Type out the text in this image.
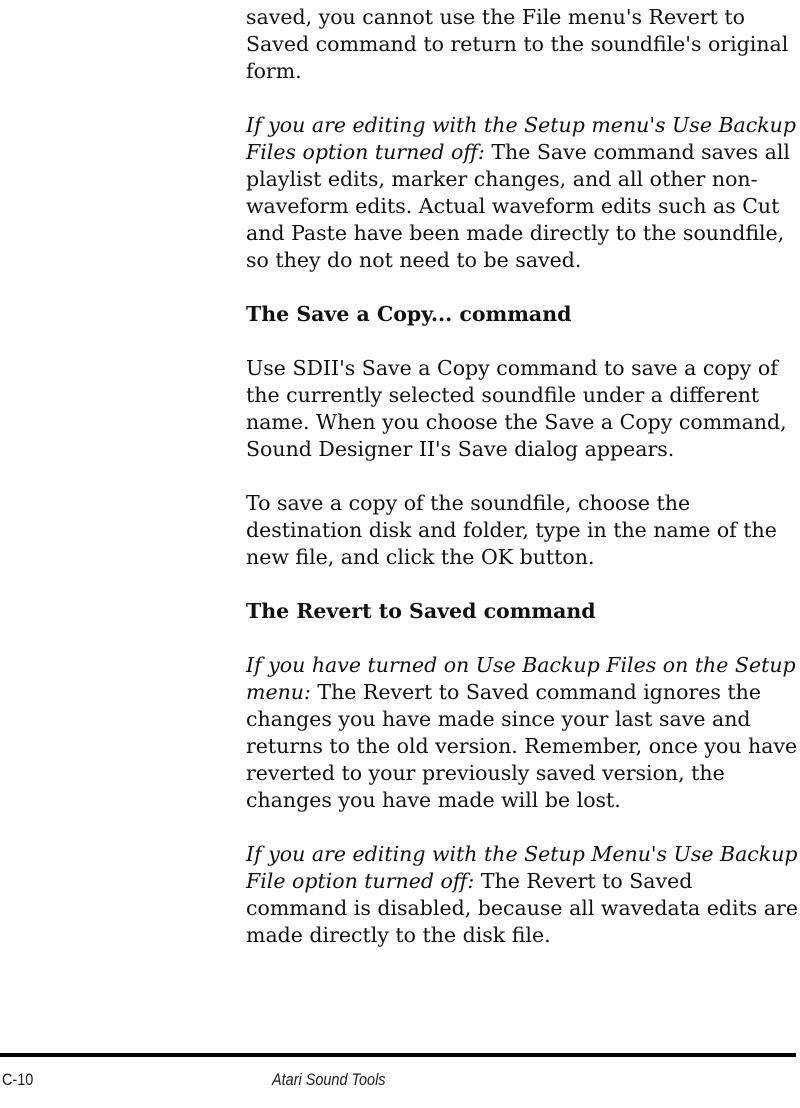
saved, you cannot use the File menu's Revert to Saved command to return to the soundfile's original form.

If you are editing with the Setup menu's Use Backup Files option turned off: The Save command saves all playlist edits, marker changes, and all other non-waveform edits. Actual waveform edits such as Cut and Paste have been made directly to the soundfile, so they do not need to be saved.

The Save a Copy... command

Use SDII's Save a Copy command to save a copy of the currently selected soundfile under a different name. When you choose the Save a Copy command, Sound Designer II's Save dialog appears.

To save a copy of the soundfile, choose the destination disk and folder, type in the name of the new file, and click the OK button.

The Revert to Saved command

If you have turned on Use Backup Files on the Setup menu: The Revert to Saved command ignores the changes you have made since your last save and returns to the old version. Remember, once you have reverted to your previously saved version, the changes you have made will be lost.

If you are editing with the Setup Menu's Use Backup File option turned off: The Revert to Saved command is disabled, because all wavedata edits are made directly to the disk file.

C-10	Atari Sound Tools
